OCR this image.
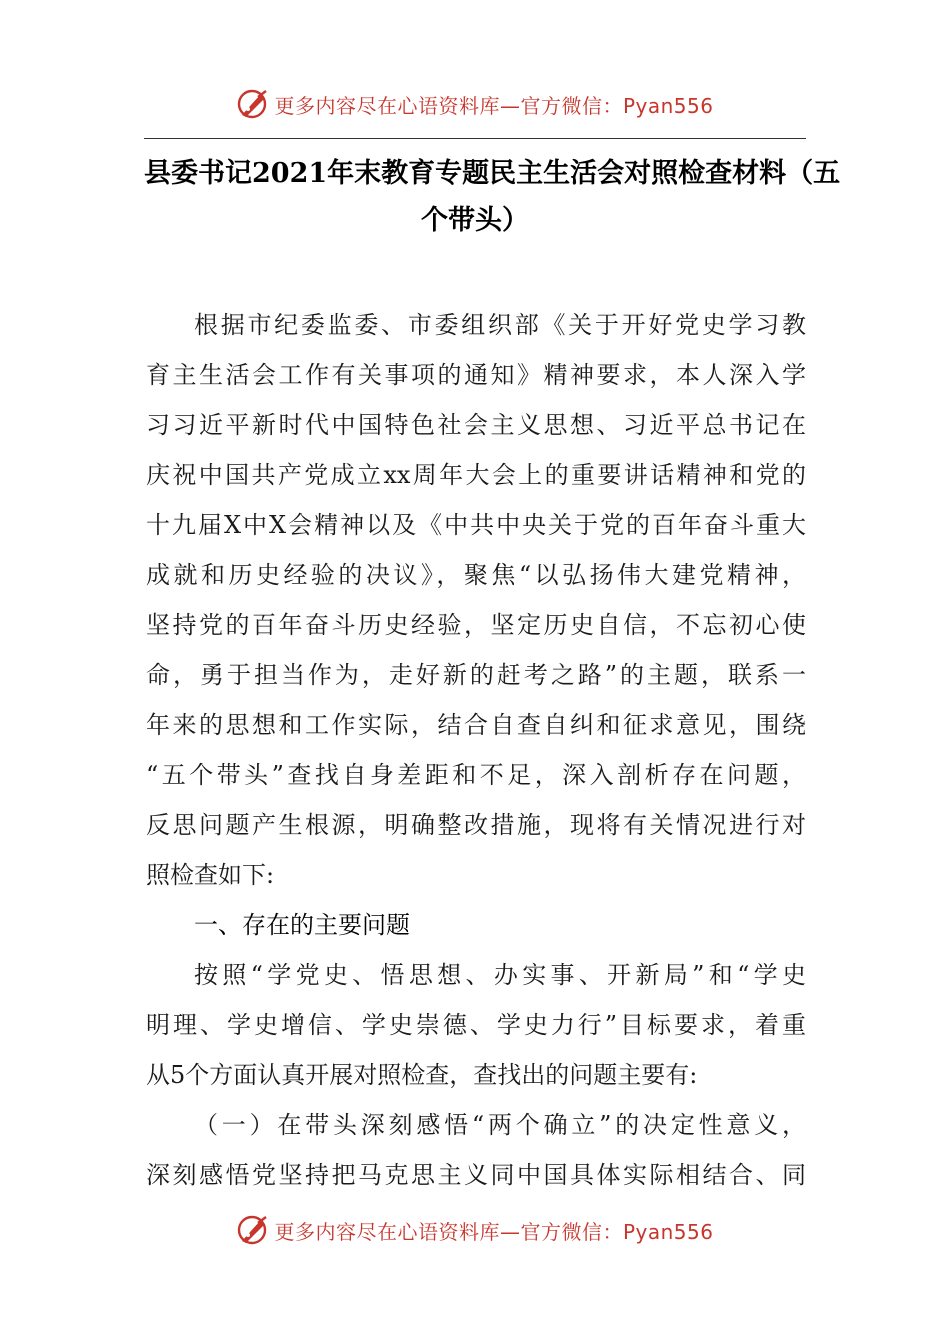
更多内容尽在心语资料库—官方微信：Pyan556
县委书记2021年末教育专题民主生活会对照检查材料（五
个带头）
根据市纪委监委、市委组织部《关于开好党史学习教
育主生活会工作有关事项的通知》精神要求，本人深入学
习习近平新时代中国特色社会主义思想、习近平总书记在
庆祝中国共产党成立xx周年大会上的重要讲话精神和党的
十九届X中X会精神以及《中共中央关于党的百年奋斗重大
成就和历史经验的决议》，聚焦“以弘扬伟大建党精神，
坚持党的百年奋斗历史经验，坚定历史自信，不忘初心使
命，勇于担当作为，走好新的赶考之路”的主题，联系一
年来的思想和工作实际，结合自查自纠和征求意见，围绕
“五个带头”查找自身差距和不足，深入剖析存在问题，
反思问题产生根源，明确整改措施，现将有关情况进行对
照检查如下:
一、存在的主要问题
按照“学党史、悟思想、办实事、开新局”和“学史
明理、学史增信、学史崇德、学史力行”目标要求，着重
从5个方面认真开展对照检查，查找出的问题主要有:
（一）在带头深刻感悟“两个确立”的决定性意义，
深刻感悟党坚持把马克思主义同中国具体实际相结合、同
更多内容尽在心语资料库—官方微信：Pyan556
